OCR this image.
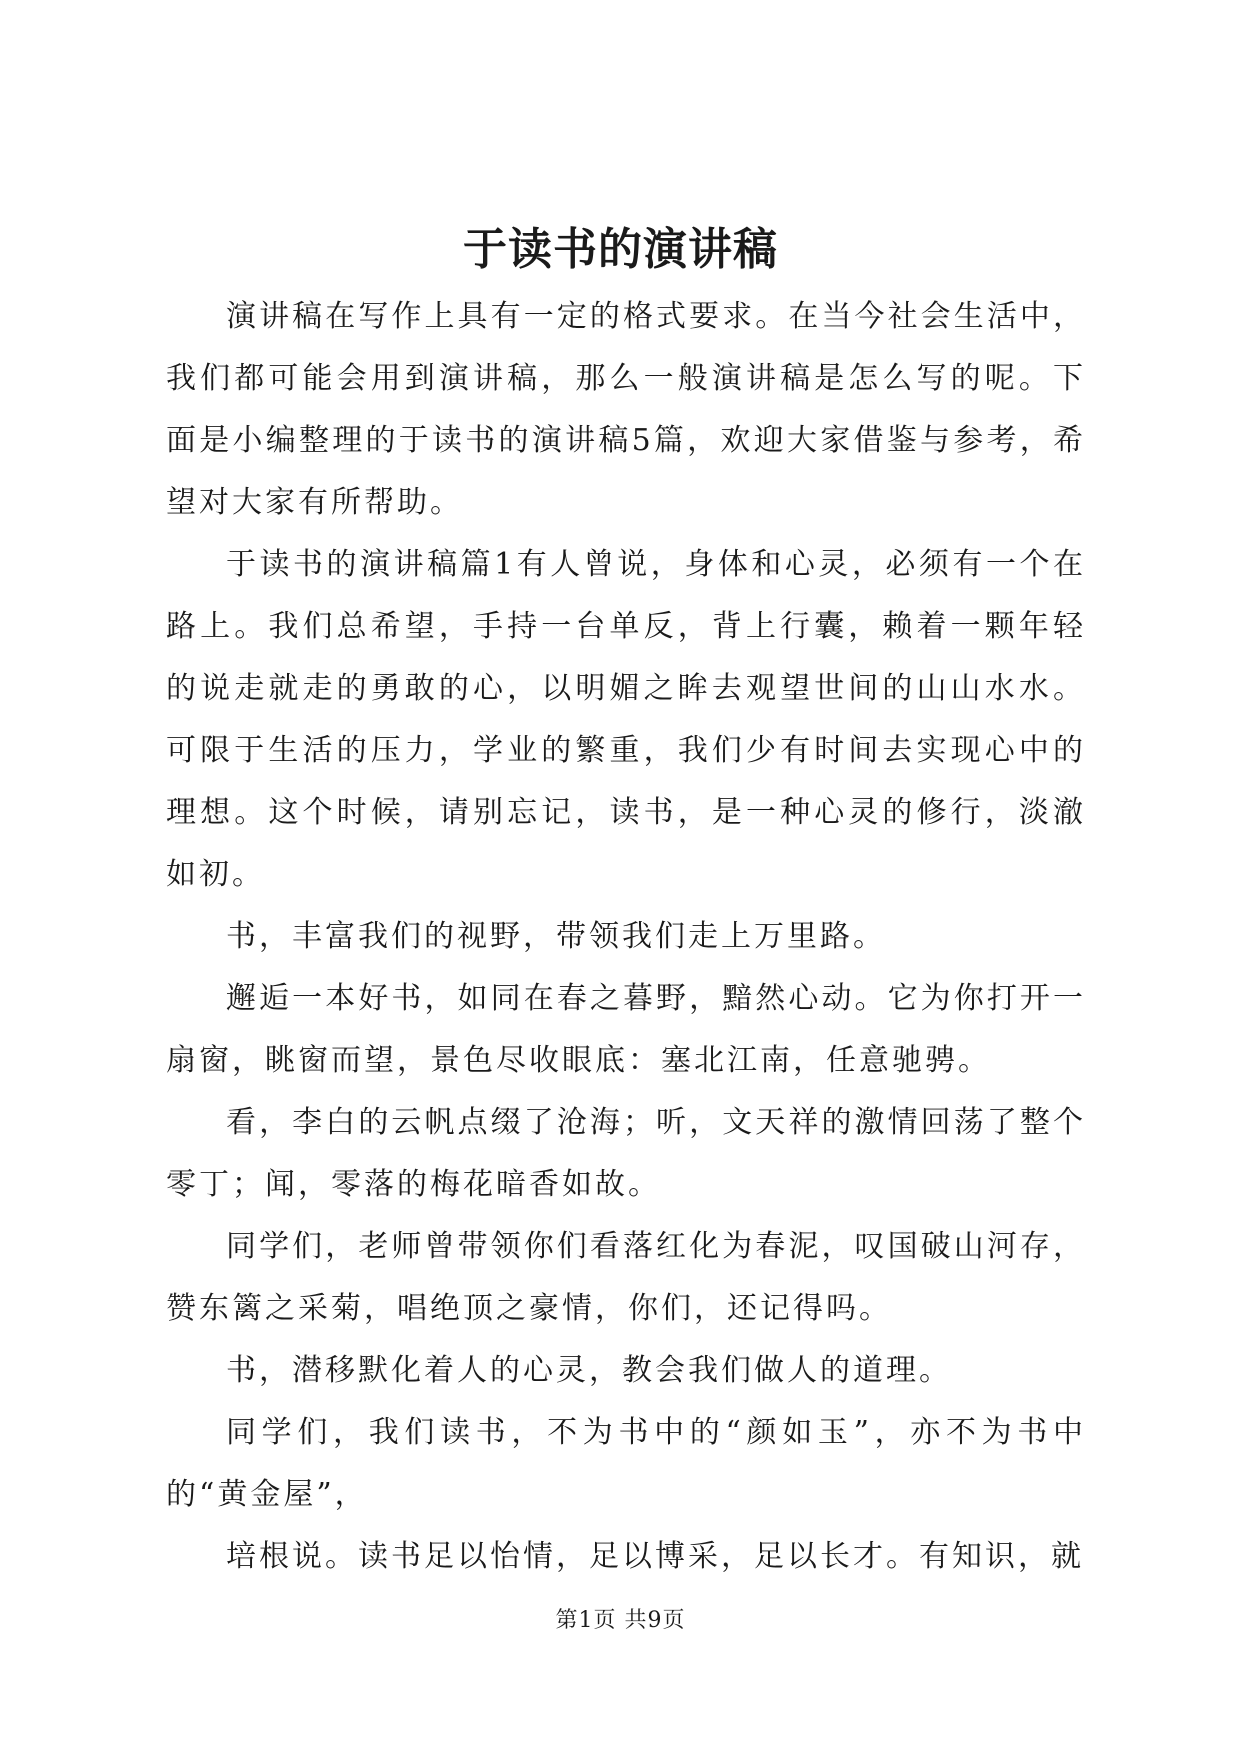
于读书的演讲稿

演讲稿在写作上具有一定的格式要求。在当今社会生活中，我们都可能会用到演讲稿，那么一般演讲稿是怎么写的呢。下面是小编整理的于读书的演讲稿5篇，欢迎大家借鉴与参考，希望对大家有所帮助。

于读书的演讲稿篇1有人曾说，身体和心灵，必须有一个在路上。我们总希望，手持一台单反，背上行囊，赖着一颗年轻的说走就走的勇敢的心，以明媚之眸去观望世间的山山水水。可限于生活的压力，学业的繁重，我们少有时间去实现心中的理想。这个时候，请别忘记，读书，是一种心灵的修行，淡澈如初。

书，丰富我们的视野，带领我们走上万里路。

邂逅一本好书，如同在春之暮野，黯然心动。它为你打开一扇窗，眺窗而望，景色尽收眼底：塞北江南，任意驰骋。

看，李白的云帆点缀了沧海；听，文天祥的激情回荡了整个零丁；闻，零落的梅花暗香如故。

同学们，老师曾带领你们看落红化为春泥，叹国破山河存，赞东篱之采菊，唱绝顶之豪情，你们，还记得吗。

书，潜移默化着人的心灵，教会我们做人的道理。

同学们，我们读书，不为书中的“颜如玉”，亦不为书中的“黄金屋”，

培根说。读书足以怡情，足以博采，足以长才。有知识，就

第1页 共9页
